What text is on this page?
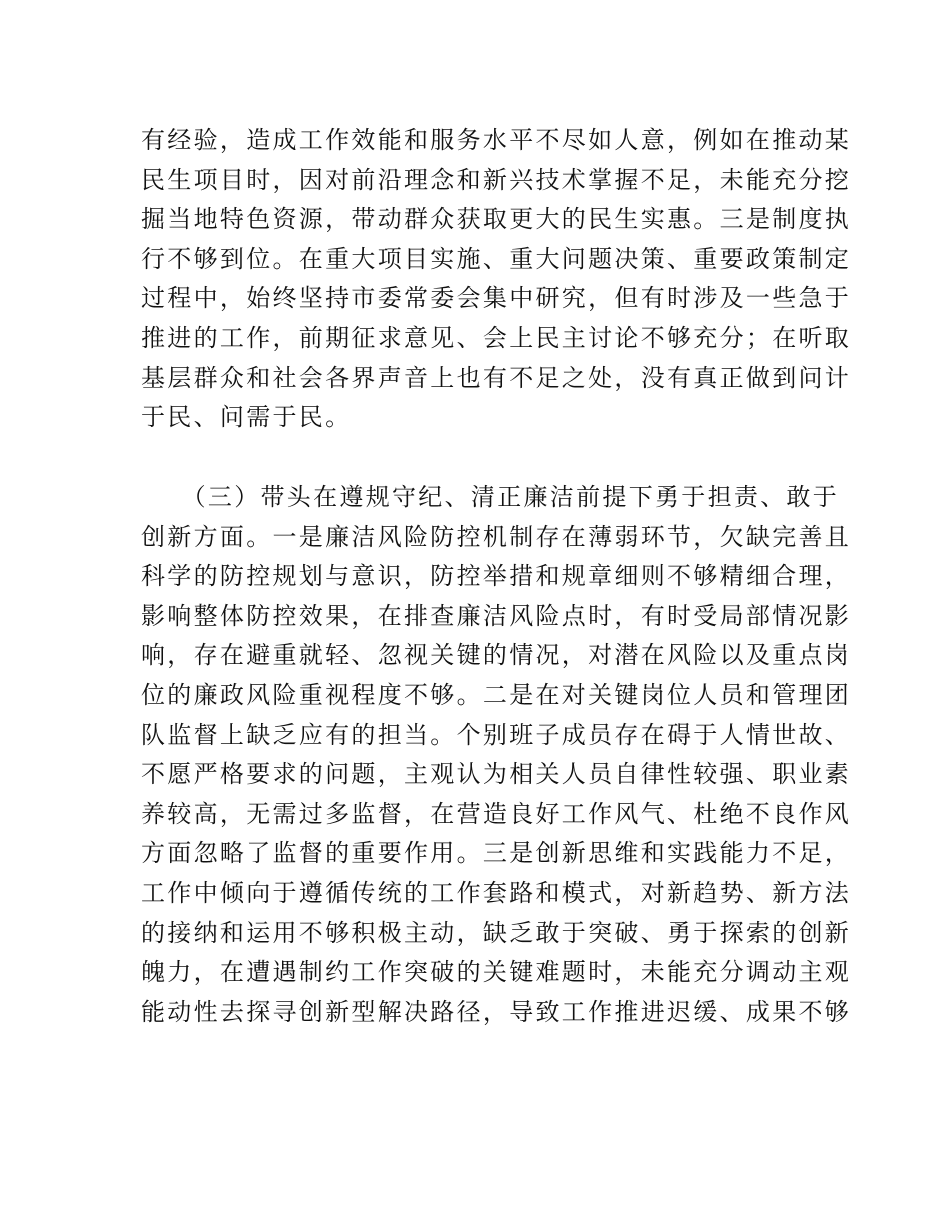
有经验，造成工作效能和服务水平不尽如人意，例如在推动某
民生项目时，因对前沿理念和新兴技术掌握不足，未能充分挖
掘当地特色资源，带动群众获取更大的民生实惠。三是制度执
行不够到位。在重大项目实施、重大问题决策、重要政策制定
过程中，始终坚持市委常委会集中研究，但有时涉及一些急于
推进的工作，前期征求意见、会上民主讨论不够充分；在听取
基层群众和社会各界声音上也有不足之处，没有真正做到问计
于民、问需于民。
　　（三）带头在遵规守纪、清正廉洁前提下勇于担责、敢于
创新方面。一是廉洁风险防控机制存在薄弱环节，欠缺完善且
科学的防控规划与意识，防控举措和规章细则不够精细合理，
影响整体防控效果，在排查廉洁风险点时，有时受局部情况影
响，存在避重就轻、忽视关键的情况，对潜在风险以及重点岗
位的廉政风险重视程度不够。二是在对关键岗位人员和管理团
队监督上缺乏应有的担当。个别班子成员存在碍于人情世故、
不愿严格要求的问题，主观认为相关人员自律性较强、职业素
养较高，无需过多监督，在营造良好工作风气、杜绝不良作风
方面忽略了监督的重要作用。三是创新思维和实践能力不足，
工作中倾向于遵循传统的工作套路和模式，对新趋势、新方法
的接纳和运用不够积极主动，缺乏敢于突破、勇于探索的创新
魄力，在遭遇制约工作突破的关键难题时，未能充分调动主观
能动性去探寻创新型解决路径，导致工作推进迟缓、成果不够
